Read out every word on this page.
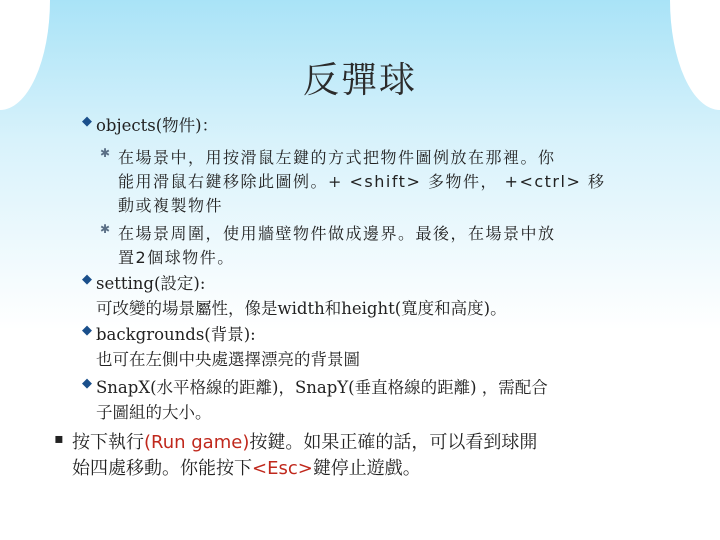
反彈球
◆
objects(物件)：
✱
在場景中，用按滑鼠左鍵的方式把物件圖例放在那裡。你
能用滑鼠右鍵移除此圖例。+ <shift> 多物件， +<ctrl> 移
動或複製物件
✱
在場景周圍，使用牆壁物件做成邊界。最後，在場景中放
置2個球物件。
◆
setting(設定):
可改變的場景屬性，像是width和height(寬度和高度)。
◆
backgrounds(背景):
也可在左側中央處選擇漂亮的背景圖
◆
SnapX(水平格線的距離)，SnapY(垂直格線的距離) ，需配合
子圖組的大小。
▪
按下執行(Run game)按鍵。如果正確的話，可以看到球開
始四處移動。你能按下<Esc>鍵停止遊戲。
